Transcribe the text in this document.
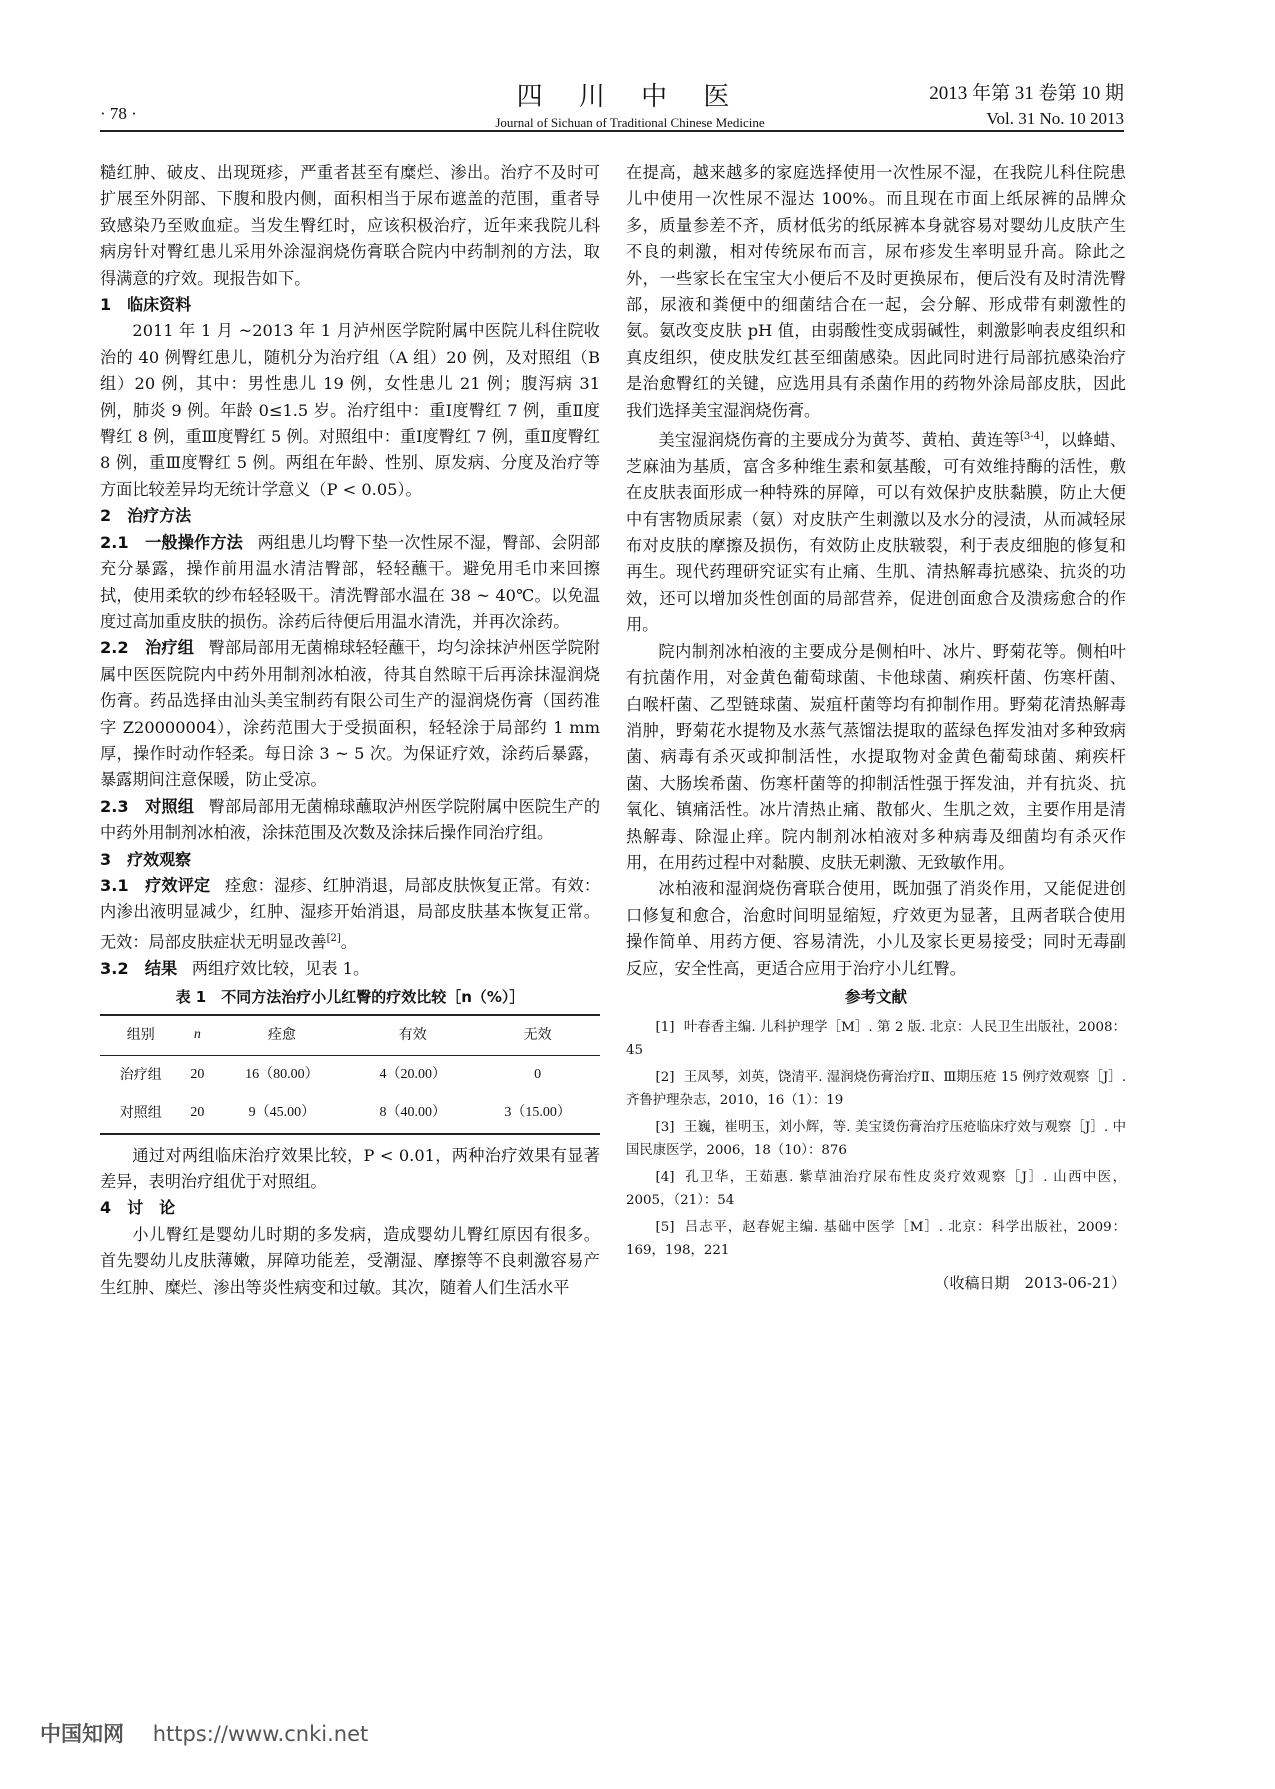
· 78 ·
四 川 中 医
Journal of Sichuan of Traditional Chinese Medicine
2013 年第 31 卷第 10 期
Vol. 31 No. 10 2013

糙红肿、破皮、出现斑疹，严重者甚至有糜烂、渗出。治疗不及时可扩展至外阴部、下腹和股内侧，面积相当于尿布遮盖的范围，重者导致感染乃至败血症。当发生臀红时，应该积极治疗，近年来我院儿科病房针对臀红患儿采用外涂湿润烧伤膏联合院内中药制剂的方法，取得满意的疗效。现报告如下。

1　临床资料

2011 年 1 月 ~2013 年 1 月泸州医学院附属中医院儿科住院收治的 40 例臀红患儿，随机分为治疗组（A 组）20 例，及对照组（B 组）20 例，其中：男性患儿 19 例，女性患儿 21 例；腹泻病 31 例，肺炎 9 例。年龄 0≤1.5 岁。治疗组中：重Ⅰ度臀红 7 例，重Ⅱ度臀红 8 例，重Ⅲ度臀红 5 例。对照组中：重Ⅰ度臀红 7 例，重Ⅱ度臀红 8 例，重Ⅲ度臀红 5 例。两组在年龄、性别、原发病、分度及治疗等方面比较差异均无统计学意义（P < 0.05）。

2　治疗方法

2.1　一般操作方法 两组患儿均臀下垫一次性尿不湿，臀部、会阴部充分暴露，操作前用温水清洁臀部，轻轻蘸干。避免用毛巾来回擦拭，使用柔软的纱布轻轻吸干。清洗臀部水温在 38 ~ 40℃。以免温度过高加重皮肤的损伤。涂药后待便后用温水清洗，并再次涂药。

2.2　治疗组 臀部局部用无菌棉球轻轻蘸干，均匀涂抹泸州医学院附属中医医院院内中药外用制剂冰柏液，待其自然晾干后再涂抹湿润烧伤膏。药品选择由汕头美宝制药有限公司生产的湿润烧伤膏（国药准字 Z20000004），涂药范围大于受损面积，轻轻涂于局部约 1 mm 厚，操作时动作轻柔。每日涂 3 ~ 5 次。为保证疗效，涂药后暴露，暴露期间注意保暖，防止受凉。

2.3　对照组 臀部局部用无菌棉球蘸取泸州医学院附属中医院生产的中药外用制剂冰柏液，涂抹范围及次数及涂抹后操作同治疗组。

3　疗效观察

3.1　疗效评定 痊愈：湿疹、红肿消退，局部皮肤恢复正常。有效：内渗出液明显减少，红肿、湿疹开始消退，局部皮肤基本恢复正常。无效：局部皮肤症状无明显改善[2]。

3.2　结果 两组疗效比较，见表 1。

表 1　不同方法治疗小儿红臀的疗效比较［n（%）］
组别	n	痊愈	有效	无效
治疗组	20	16（80.00）	4（20.00）	0
对照组	20	9（45.00）	8（40.00）	3（15.00）

通过对两组临床治疗效果比较，P < 0.01，两种治疗效果有显著差异，表明治疗组优于对照组。

4　讨　论

小儿臀红是婴幼儿时期的多发病，造成婴幼儿臀红原因有很多。首先婴幼儿皮肤薄嫩，屏障功能差，受潮湿、摩擦等不良刺激容易产生红肿、糜烂、渗出等炎性病变和过敏。其次，随着人们生活水平

在提高，越来越多的家庭选择使用一次性尿不湿，在我院儿科住院患儿中使用一次性尿不湿达 100%。而且现在市面上纸尿裤的品牌众多，质量参差不齐，质材低劣的纸尿裤本身就容易对婴幼儿皮肤产生不良的刺激，相对传统尿布而言，尿布疹发生率明显升高。除此之外，一些家长在宝宝大小便后不及时更换尿布，便后没有及时清洗臀部，尿液和粪便中的细菌结合在一起，会分解、形成带有刺激性的氨。氨改变皮肤 pH 值，由弱酸性变成弱碱性，刺激影响表皮组织和真皮组织，使皮肤发红甚至细菌感染。因此同时进行局部抗感染治疗是治愈臀红的关键，应选用具有杀菌作用的药物外涂局部皮肤，因此我们选择美宝湿润烧伤膏。

美宝湿润烧伤膏的主要成分为黄芩、黄柏、黄连等[3-4]，以蜂蜡、芝麻油为基质，富含多种维生素和氨基酸，可有效维持酶的活性，敷在皮肤表面形成一种特殊的屏障，可以有效保护皮肤黏膜，防止大便中有害物质尿素（氨）对皮肤产生刺激以及水分的浸渍，从而减轻尿布对皮肤的摩擦及损伤，有效防止皮肤皲裂，利于表皮细胞的修复和再生。现代药理研究证实有止痛、生肌、清热解毒抗感染、抗炎的功效，还可以增加炎性创面的局部营养，促进创面愈合及溃疡愈合的作用。

院内制剂冰柏液的主要成分是侧柏叶、冰片、野菊花等。侧柏叶有抗菌作用，对金黄色葡萄球菌、卡他球菌、痢疾杆菌、伤寒杆菌、白喉杆菌、乙型链球菌、炭疽杆菌等均有抑制作用。野菊花清热解毒消肿，野菊花水提物及水蒸气蒸馏法提取的蓝绿色挥发油对多种致病菌、病毒有杀灭或抑制活性，水提取物对金黄色葡萄球菌、痢疾杆菌、大肠埃希菌、伤寒杆菌等的抑制活性强于挥发油，并有抗炎、抗氧化、镇痛活性。冰片清热止痛、散郁火、生肌之效，主要作用是清热解毒、除湿止痒。院内制剂冰柏液对多种病毒及细菌均有杀灭作用，在用药过程中对黏膜、皮肤无刺激、无致敏作用。

冰柏液和湿润烧伤膏联合使用，既加强了消炎作用，又能促进创口修复和愈合，治愈时间明显缩短，疗效更为显著，且两者联合使用操作简单、用药方便、容易清洗，小儿及家长更易接受；同时无毒副反应，安全性高，更适合应用于治疗小儿红臀。

参考文献

[1] 叶春香主编. 儿科护理学［M］. 第 2 版. 北京：人民卫生出版社，2008：45

[2] 王凤琴，刘英，饶清平. 湿润烧伤膏治疗Ⅱ、Ⅲ期压疮 15 例疗效观察［J］. 齐鲁护理杂志，2010，16（1）：19

[3] 王巍，崔明玉，刘小辉，等. 美宝烫伤膏治疗压疮临床疗效与观察［J］. 中国民康医学，2006，18（10）：876

[4] 孔卫华，王茹惠. 紫草油治疗尿布性皮炎疗效观察［J］. 山西中医，2005，（21）：54

[5] 吕志平，赵春妮主编. 基础中医学［M］. 北京：科学出版社，2009：169，198，221

（收稿日期　2013-06-21）
中国知网 https://www.cnki.net
